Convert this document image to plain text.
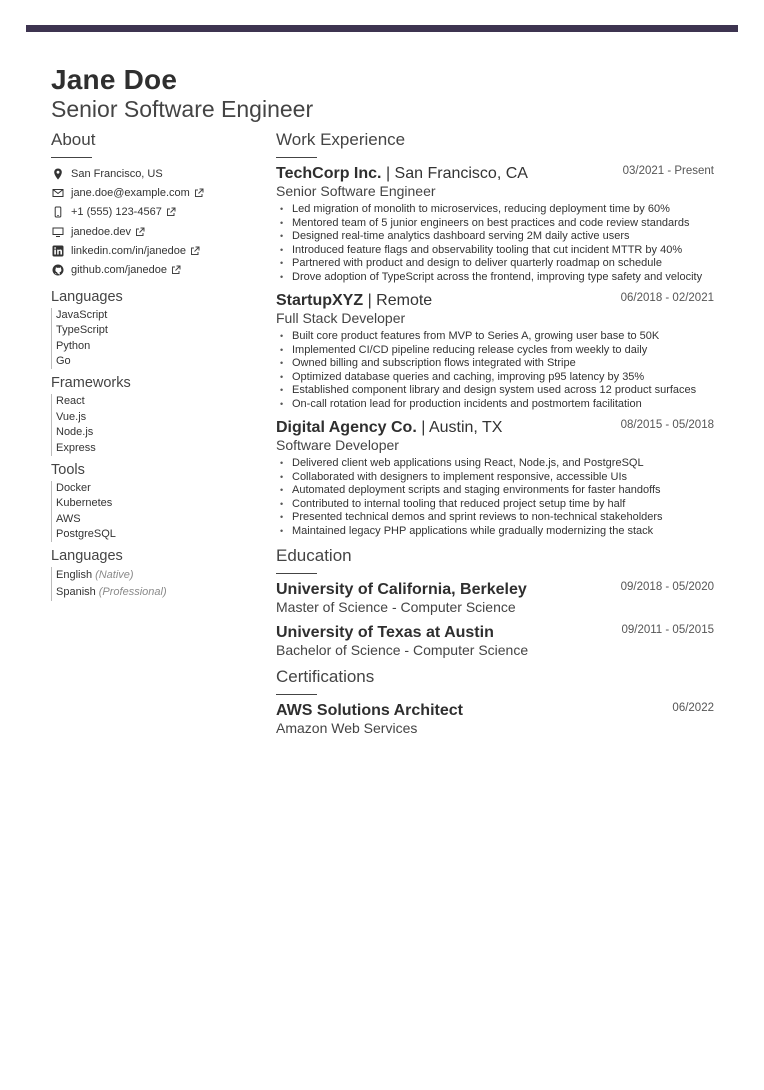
Jane Doe
Senior Software Engineer
About
San Francisco, US
jane.doe@example.com
+1 (555) 123-4567
janedoe.dev
linkedin.com/in/janedoe
github.com/janedoe
Languages
JavaScript
TypeScript
Python
Go
Frameworks
React
Vue.js
Node.js
Express
Tools
Docker
Kubernetes
AWS
PostgreSQL
Languages
English (Native)
Spanish (Professional)
Work Experience
TechCorp Inc. | San Francisco, CA	03/2021 - Present
Senior Software Engineer
• Led migration of monolith to microservices, reducing deployment time by 60%
• Mentored team of 5 junior engineers on best practices and code review standards
• Designed real-time analytics dashboard serving 2M daily active users
• Introduced feature flags and observability tooling that cut incident MTTR by 40%
• Partnered with product and design to deliver quarterly roadmap on schedule
• Drove adoption of TypeScript across the frontend, improving type safety and velocity
StartupXYZ | Remote	06/2018 - 02/2021
Full Stack Developer
• Built core product features from MVP to Series A, growing user base to 50K
• Implemented CI/CD pipeline reducing release cycles from weekly to daily
• Owned billing and subscription flows integrated with Stripe
• Optimized database queries and caching, improving p95 latency by 35%
• Established component library and design system used across 12 product surfaces
• On-call rotation lead for production incidents and postmortem facilitation
Digital Agency Co. | Austin, TX	08/2015 - 05/2018
Software Developer
• Delivered client web applications using React, Node.js, and PostgreSQL
• Collaborated with designers to implement responsive, accessible UIs
• Automated deployment scripts and staging environments for faster handoffs
• Contributed to internal tooling that reduced project setup time by half
• Presented technical demos and sprint reviews to non-technical stakeholders
• Maintained legacy PHP applications while gradually modernizing the stack
Education
University of California, Berkeley	09/2018 - 05/2020
Master of Science - Computer Science
University of Texas at Austin	09/2011 - 05/2015
Bachelor of Science - Computer Science
Certifications
AWS Solutions Architect	06/2022
Amazon Web Services
